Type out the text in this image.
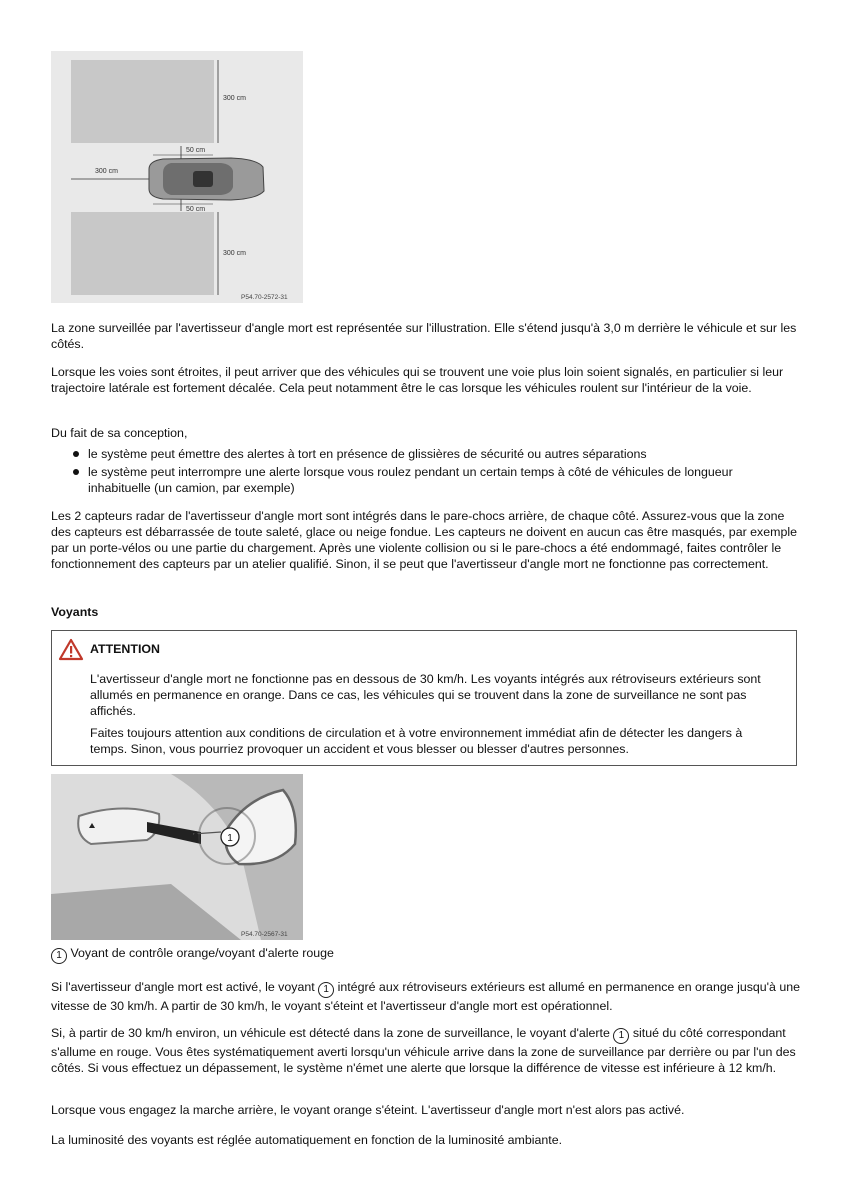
300 cm
300 cm
50 cm
50 cm
300 cm
P54.70-2572-31

La zone surveillée par l'avertisseur d'angle mort est représentée sur l'illustration. Elle s'étend jusqu'à 3,0 m derrière le véhicule et sur les côtés.

Lorsque les voies sont étroites, il peut arriver que des véhicules qui se trouvent une voie plus loin soient signalés, en particulier si leur trajectoire latérale est fortement décalée. Cela peut notamment être le cas lorsque les véhicules roulent sur l'intérieur de la voie.

Du fait de sa conception,

le système peut émettre des alertes à tort en présence de glissières de sécurité ou autres séparations
le système peut interrompre une alerte lorsque vous roulez pendant un certain temps à côté de véhicules de longueur inhabituelle (un camion, par exemple)

Les 2 capteurs radar de l'avertisseur d'angle mort sont intégrés dans le pare-chocs arrière, de chaque côté. Assurez-vous que la zone des capteurs est débarrassée de toute saleté, glace ou neige fondue. Les capteurs ne doivent en aucun cas être masqués, par exemple par un porte-vélos ou une partie du chargement. Après une violente collision ou si le pare-chocs a été endommagé, faites contrôler le fonctionnement des capteurs par un atelier qualifié. Sinon, il se peut que l'avertisseur d'angle mort ne fonctionne pas correctement.

Voyants
ATTENTION

L'avertisseur d'angle mort ne fonctionne pas en dessous de 30 km/h. Les voyants intégrés aux rétroviseurs extérieurs sont allumés en permanence en orange. Dans ce cas, les véhicules qui se trouvent dans la zone de surveillance ne sont pas affichés.

Faites toujours attention aux conditions de circulation et à votre environnement immédiat afin de détecter les dangers à temps. Sinon, vous pourriez provoquer un accident et vous blesser ou blesser d'autres personnes.

1
P54.70-2567-31
1 Voyant de contrôle orange/voyant d'alerte rouge

Si l'avertisseur d'angle mort est activé, le voyant 1 intégré aux rétroviseurs extérieurs est allumé en permanence en orange jusqu'à une vitesse de 30 km/h. A partir de 30 km/h, le voyant s'éteint et l'avertisseur d'angle mort est opérationnel.

Si, à partir de 30 km/h environ, un véhicule est détecté dans la zone de surveillance, le voyant d'alerte 1 situé du côté correspondant s'allume en rouge. Vous êtes systématiquement averti lorsqu'un véhicule arrive dans la zone de surveillance par derrière ou par l'un des côtés. Si vous effectuez un dépassement, le système n'émet une alerte que lorsque la différence de vitesse est inférieure à 12 km/h.

Lorsque vous engagez la marche arrière, le voyant orange s'éteint. L'avertisseur d'angle mort n'est alors pas activé.

La luminosité des voyants est réglée automatiquement en fonction de la luminosité ambiante.
